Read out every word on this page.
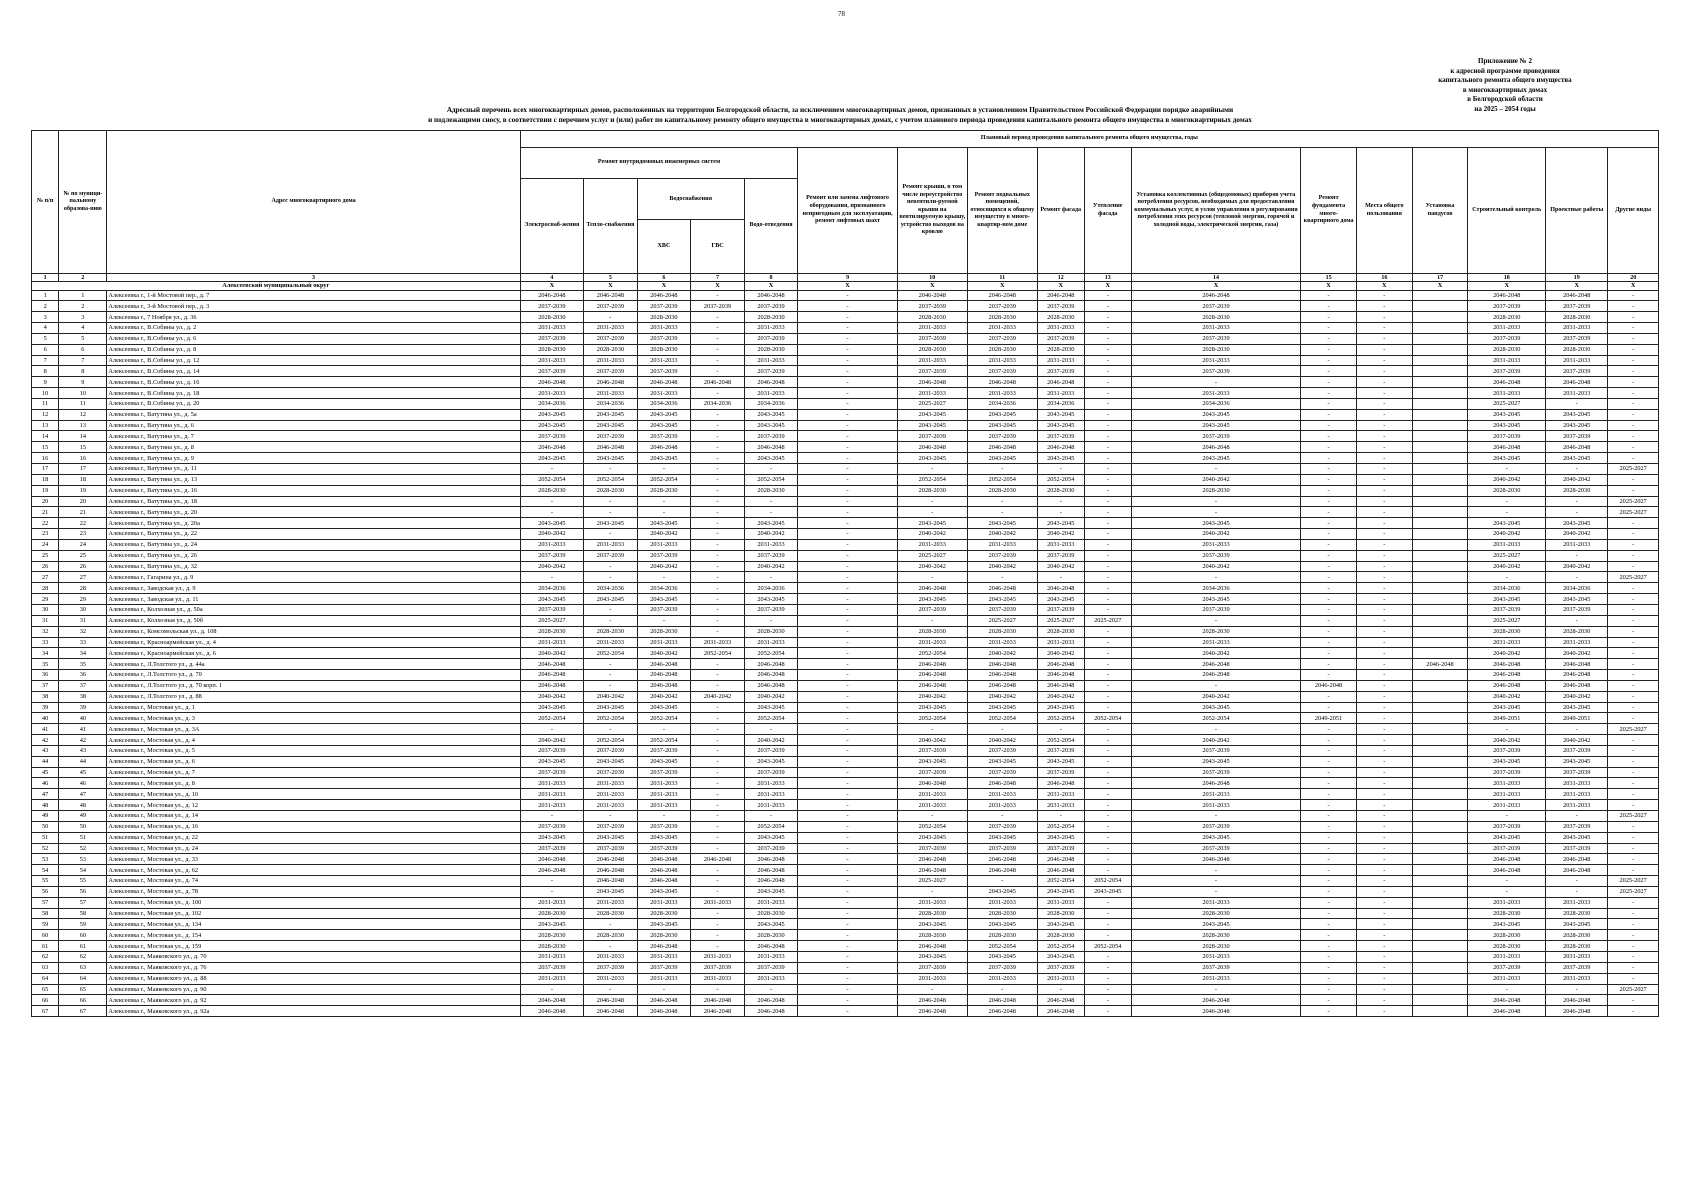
78
Приложение № 2
к адресной программе проведения
капитального ремонта общего имущества
в многоквартирных домах
в Белгородской области
на 2025 – 2054 годы
Адресный перечень всех многоквартирных домов, расположенных на территории Белгородской области, за исключением многоквартирных домов, признанных в установленном Правительством Российской Федерации порядке аварийными
и подлежащими сносу, в соответствии с перечнем услуг и (или) работ по капитальному ремонту общего имущества в многоквартирных домах, с учетом планового периода проведения капитального ремонта общего имущества в многоквартирных домах
№ п/п	№ по муници-пальному образова-нию	Адрес многоквартирного дома	Плановый период проведения капитального ремонта общего имущества, годы																
			Ремонт внутридомовых инженерных систем					Ремонт или замена лифтового оборудования, признанного непригодным для эксплуатации, ремонт лифтовых шахт	Ремонт крыши, в том числе переустройство невентили-руемой крыши на вентилируемую крышу, устройство выходов на кровлю	Ремонт подвальных помещений, относящихся к общему имуществу в много-квартир-ном доме	Ремонт фасада	Утепление фасада	Установка коллективных (общедомовых) приборов учета потребления ресурсов, необходимых для предоставления коммунальных услуг, и узлов управления и регулирования потребления этих ресурсов (тепловой энергии, горячей и холодной воды, электрической энергии, газа)	Ремонт фундамента много-квартирного дома	Места общего пользования	Установка пандусов	Строительный контроль	Проектные работы	Другие виды
			Электроснаб-жения	Тепло-снабжения	Водоснабжения
ХВС ГВС		Водо-отведения												
1	2	3	4	5	6	7	8	9	10	11	12	13	14	15	16	17	18	19	20
Алексеевский муниципальный округ			Х	Х	Х	Х	Х	Х	Х	Х	Х	Х	Х	Х	Х	Х	Х	Х	Х
1	1	Алексеевка г., 1-й Мостовой пер., д. 7	2046-2048	2046-2048	2046-2048	-	2046-2048	-	2046-2048	2046-2048	2046-2048	-	2046-2048	-	-		2046-2048	2046-2048	-
2	2	Алексеевка г., 3-й Мостовой пер., д. 3	2037-2039	2037-2039	2037-2039	2037-2039	2037-2039	-	2037-2039	2037-2039	2037-2039	-	2037-2039	-	-		2037-2039	2037-2039	-
3	3	Алексеевка г., 7 Ноября ул., д. 36	2028-2030	-	2028-2030	-	2028-2030	-	2028-2030	2028-2030	2028-2030	-	2028-2030	-	-		2028-2030	2028-2030	-
4	4	Алексеевка г., В.Собины ул., д. 2	2031-2033	2031-2033	2031-2033	-	2031-2033	-	2031-2033	2031-2033	2031-2033	-	2031-2033	-	-		2031-2033	2031-2033	-
5	5	Алексеевка г., В.Собины ул., д. 6	2037-2039	2037-2039	2037-2039	-	2037-2039	-	2037-2039	2037-2039	2037-2039	-	2037-2039	-	-		2037-2039	2037-2039	-
6	6	Алексеевка г., В.Собины ул., д. 8	2028-2030	2028-2030	2028-2030	-	2028-2030	-	2028-2030	2028-2030	2028-2030	-	2028-2030	-	-		2028-2030	2028-2030	-
7	7	Алексеевка г., В.Собины ул., д. 12	2031-2033	2031-2033	2031-2033	-	2031-2033	-	2031-2033	2031-2033	2031-2033	-	2031-2033	-	-		2031-2033	2031-2033	-
8	8	Алексеевка г., В.Собины ул., д. 14	2037-2039	2037-2039	2037-2039	-	2037-2039	-	2037-2039	2037-2039	2037-2039	-	2037-2039	-	-		2037-2039	2037-2039	-
9	9	Алексеевка г., В.Собины ул., д. 16	2046-2048	2046-2048	2046-2048	2046-2048	2046-2048	-	2046-2048	2046-2048	2046-2048	-	-	-	-		2046-2048	2046-2048	-
10	10	Алексеевка г., В.Собины ул., д. 18	2031-2033	2031-2033	2031-2033	-	2031-2033	-	2031-2033	2031-2033	2031-2033	-	2031-2033	-	-		2031-2033	2031-2033	-
11	11	Алексеевка г., В.Собины ул., д. 20	2034-2036	2034-2036	2034-2036	2034-2036	2034-2036	-	2025-2027	2034-2036	2034-2036	-	2034-2036	-	-		2025-2027	-	-
12	12	Алексеевка г., Ватутина ул., д. 5а	2043-2045	2043-2045	2043-2045	-	2043-2045	-	2043-2045	2043-2045	2043-2045	-	2043-2045	-	-		2043-2045	2043-2045	-
13	13	Алексеевка г., Ватутина ул., д. 6	2043-2045	2043-2045	2043-2045	-	2043-2045	-	2043-2045	2043-2045	2043-2045	-	2043-2045	-	-		2043-2045	2043-2045	-
14	14	Алексеевка г., Ватутина ул., д. 7	2037-2039	2037-2039	2037-2039	-	2037-2039	-	2037-2039	2037-2039	2037-2039	-	2037-2039	-	-		2037-2039	2037-2039	-
15	15	Алексеевка г., Ватутина ул., д. 8	2046-2048	2046-2048	2046-2048	-	2046-2048	-	2046-2048	2046-2048	2046-2048	-	2046-2048	-	-		2046-2048	2046-2048	-
16	16	Алексеевка г., Ватутина ул., д. 9	2043-2045	2043-2045	2043-2045	-	2043-2045	-	2043-2045	2043-2045	2043-2045	-	2043-2045	-	-		2043-2045	2043-2045	-
17	17	Алексеевка г., Ватутина ул., д. 11	-	-	-	-	-	-	-	-	-	-	-	-	-		-	-	2025-2027
18	18	Алексеевка г., Ватутина ул., д. 13	2052-2054	2052-2054	2052-2054	-	2052-2054	-	2052-2054	2052-2054	2052-2054	-	2040-2042	-	-		2040-2042	2040-2042	-
19	19	Алексеевка г., Ватутина ул., д. 16	2028-2030	2028-2030	2028-2030	-	2028-2030	-	2028-2030	2028-2030	2028-2030	-	2028-2030	-	-		2028-2030	2028-2030	-
20	20	Алексеевка г., Ватутина ул., д. 18	-	-	-	-	-	-	-	-	-	-	-	-	-		-	-	2025-2027
21	21	Алексеевка г., Ватутина ул., д. 20	-	-	-	-	-	-	-	-	-	-	-	-	-		-	-	2025-2027
22	22	Алексеевка г., Ватутина ул., д. 20а	2043-2045	2043-2045	2043-2045	-	2043-2045	-	2043-2045	2043-2045	2043-2045	-	2043-2045	-	-		2043-2045	2043-2045	-
23	23	Алексеевка г., Ватутина ул., д. 22	2040-2042	-	2040-2042	-	2040-2042	-	2040-2042	2040-2042	2040-2042	-	2040-2042	-	-		2040-2042	2040-2042	-
24	24	Алексеевка г., Ватутина ул., д. 24	2031-2033	2031-2033	2031-2033	-	2031-2033	-	2031-2033	2031-2033	2031-2033	-	2031-2033	-	-		2031-2033	2031-2033	-
25	25	Алексеевка г., Ватутина ул., д. 26	2037-2039	2037-2039	2037-2039	-	2037-2039	-	2025-2027	2037-2039	2037-2039	-	2037-2039	-	-		2025-2027	-	-
26	26	Алексеевка г., Ватутина ул., д. 32	2040-2042	-	2040-2042	-	2040-2042	-	2040-2042	2040-2042	2040-2042	-	2040-2042	-	-		2040-2042	2040-2042	-
27	27	Алексеевка г., Гагарина ул., д. 9	-	-	-	-	-	-	-	-	-	-	-	-	-		-	-	2025-2027
28	28	Алексеевка г., Заводская ул., д. 9	2034-2036	2034-2036	2034-2036	-	2034-2036	-	2046-2048	2046-2048	2046-2048	-	2034-2036	-	-		2034-2036	2034-2036	-
29	29	Алексеевка г., Заводская ул., д. 11	2043-2045	2043-2045	2043-2045	-	2043-2045	-	2043-2045	2043-2045	2043-2045	-	2043-2045	-	-		2043-2045	2043-2045	-
30	30	Алексеевка г., Колхозная ул., д. 50а	2037-2039	-	2037-2039	-	2037-2039	-	2037-2039	2037-2039	2037-2039	-	2037-2039	-	-		2037-2039	2037-2039	-
31	31	Алексеевка г., Колхозная ул., д. 50б	2025-2027	-	-	-	-	-	-	2025-2027	2025-2027	2025-2027	-	-	-		2025-2027	-	-
32	32	Алексеевка г., Комсомольская ул., д. 108	2028-2030	2028-2030	2028-2030	-	2028-2030	-	2028-2030	2028-2030	2028-2030	-	2028-2030	-	-		2028-2030	2028-2030	-
33	33	Алексеевка г., Красноармейская ул., д. 4	2031-2033	2031-2033	2031-2033	2031-2033	2031-2033	-	2031-2033	2031-2033	2031-2033	-	2031-2033	-	-		2031-2033	2031-2033	-
34	34	Алексеевка г., Красноармейская ул., д. 6	2040-2042	2052-2054	2040-2042	2052-2054	2052-2054	-	2052-2054	2040-2042	2040-2042	-	2040-2042	-	-		2040-2042	2040-2042	-
35	35	Алексеевка г., Л.Толстого ул., д. 44а	2046-2048	-	2046-2048	-	2046-2048	-	2046-2048	2046-2048	2046-2048	-	2046-2048	-	-	2046-2048	2046-2048	2046-2048	-
36	36	Алексеевка г., Л.Толстого ул., д. 70	2046-2048	-	2046-2048	-	2046-2048	-	2046-2048	2046-2048	2046-2048	-	2046-2048	-	-		2046-2048	2046-2048	-
37	37	Алексеевка г., Л.Толстого ул., д. 70 корп. 1	2046-2048	-	2046-2048	-	2046-2048	-	2046-2048	2046-2048	2046-2048	-	-	2046-2048	-		2046-2048	2046-2048	-
38	38	Алексеевка г., Л.Толстого ул., д. 88	2040-2042	2040-2042	2040-2042	2040-2042	2040-2042	-	2040-2042	2040-2042	2040-2042	-	2040-2042	-	-		2040-2042	2040-2042	-
39	39	Алексеевка г., Мостовая ул., д. 1	2043-2045	2043-2045	2043-2045	-	2043-2045	-	2043-2045	2043-2045	2043-2045	-	2043-2045	-	-		2043-2045	2043-2045	-
40	40	Алексеевка г., Мостовая ул., д. 3	2052-2054	2052-2054	2052-2054	-	2052-2054	-	2052-2054	2052-2054	2052-2054	2052-2054	2052-2054	2049-2051	-		2049-2051	2049-2051	-
41	41	Алексеевка г., Мостовая ул., д. 3А	-	-	-	-	-	-	-	-	-	-	-	-	-		-	-	2025-2027
42	42	Алексеевка г., Мостовая ул., д. 4	2040-2042	2052-2054	2052-2054	-	2040-2042	-	2040-2042	2040-2042	2052-2054	-	2040-2042	-	-		2040-2042	2040-2042	-
43	43	Алексеевка г., Мостовая ул., д. 5	2037-2039	2037-2039	2037-2039	-	2037-2039	-	2037-2039	2037-2039	2037-2039	-	2037-2039	-	-		2037-2039	2037-2039	-
44	44	Алексеевка г., Мостовая ул., д. 6	2043-2045	2043-2045	2043-2045	-	2043-2045	-	2043-2045	2043-2045	2043-2045	-	2043-2045	-	-		2043-2045	2043-2045	-
45	45	Алексеевка г., Мостовая ул., д. 7	2037-2039	2037-2039	2037-2039	-	2037-2039	-	2037-2039	2037-2039	2037-2039	-	2037-2039	-	-		2037-2039	2037-2039	-
46	46	Алексеевка г., Мостовая ул., д. 8	2031-2033	2031-2033	2031-2033	-	2031-2033	-	2046-2048	2046-2048	2046-2048	-	2046-2048	-	-		2031-2033	2031-2033	-
47	47	Алексеевка г., Мостовая ул., д. 10	2031-2033	2031-2033	2031-2033	-	2031-2033	-	2031-2033	2031-2033	2031-2033	-	2031-2033	-	-		2031-2033	2031-2033	-
48	48	Алексеевка г., Мостовая ул., д. 12	2031-2033	2031-2033	2031-2033	-	2031-2033	-	2031-2033	2031-2033	2031-2033	-	2031-2033	-	-		2031-2033	2031-2033	-
49	49	Алексеевка г., Мостовая ул., д. 14	-	-	-	-	-	-	-	-	-	-	-	-	-		-	-	2025-2027
50	50	Алексеевка г., Мостовая ул., д. 16	2037-2039	2037-2039	2037-2039	-	2052-2054	-	2052-2054	2037-2039	2052-2054	-	2037-2039	-	-		2037-2039	2037-2039	-
51	51	Алексеевка г., Мостовая ул., д. 22	2043-2045	2043-2045	2043-2045	-	2043-2045	-	2043-2045	2043-2045	2043-2045	-	2043-2045	-	-		2043-2045	2043-2045	-
52	52	Алексеевка г., Мостовая ул., д. 24	2037-2039	2037-2039	2037-2039	-	2037-2039	-	2037-2039	2037-2039	2037-2039	-	2037-2039	-	-		2037-2039	2037-2039	-
53	53	Алексеевка г., Мостовая ул., д. 33	2046-2048	2046-2048	2046-2048	2046-2048	2046-2048	-	2046-2048	2046-2048	2046-2048	-	2046-2048	-	-		2046-2048	2046-2048	-
54	54	Алексеевка г., Мостовая ул., д. 62	2046-2048	2046-2048	2046-2048	-	2046-2048	-	2046-2048	2046-2048	2046-2048	-	-	-	-		2046-2048	2046-2048	-
55	55	Алексеевка г., Мостовая ул., д. 74	-	2046-2048	2046-2048	-	2046-2048	-	2025-2027	-	2052-2054	2052-2054	-	-	-		-	-	2025-2027
56	56	Алексеевка г., Мостовая ул., д. 78	-	2043-2045	2043-2045	-	2043-2045	-	-	2043-2045	2043-2045	2043-2045	-	-	-		-	-	2025-2027
57	57	Алексеевка г., Мостовая ул., д. 100	2031-2033	2031-2033	2031-2033	2031-2033	2031-2033	-	2031-2033	2031-2033	2031-2033	-	2031-2033	-	-		2031-2033	2031-2033	-
58	58	Алексеевка г., Мостовая ул., д. 102	2028-2030	2028-2030	2028-2030	-	2028-2030	-	2028-2030	2028-2030	2028-2030	-	2028-2030	-	-		2028-2030	2028-2030	-
59	59	Алексеевка г., Мостовая ул., д. 134	2043-2045	-	2043-2045	-	2043-2045	-	2043-2045	2043-2045	2043-2045	-	2043-2045	-	-		2043-2045	2043-2045	-
60	60	Алексеевка г., Мостовая ул., д. 154	2028-2030	2028-2030	2028-2030	-	2028-2030	-	2028-2030	2028-2030	2028-2030	-	2028-2030	-	-		2028-2030	2028-2030	-
61	61	Алексеевка г., Мостовая ул., д. 159	2028-2030	-	2046-2048	-	2046-2048	-	2046-2048	2052-2054	2052-2054	2052-2054	2028-2030	-	-		2028-2030	2028-2030	-
62	62	Алексеевка г., Маяковского ул., д. 70	2031-2033	2031-2033	2031-2033	2031-2033	2031-2033	-	2043-2045	2043-2045	2043-2045	-	2031-2033	-	-		2031-2033	2031-2033	-
63	63	Алексеевка г., Маяковского ул., д. 76	2037-2039	2037-2039	2037-2039	2037-2039	2037-2039	-	2037-2039	2037-2039	2037-2039	-	2037-2039	-	-		2037-2039	2037-2039	-
64	64	Алексеевка г., Маяковского ул., д. 88	2031-2033	2031-2033	2031-2033	2031-2033	2031-2033	-	2031-2033	2031-2033	2031-2033	-	2031-2033	-	-		2031-2033	2031-2033	-
65	65	Алексеевка г., Маяковского ул., д. 90	-	-	-	-	-	-	-	-	-	-	-	-	-		-	-	2025-2027
66	66	Алексеевка г., Маяковского ул., д. 92	2046-2048	2046-2048	2046-2048	2046-2048	2046-2048	-	2046-2048	2046-2048	2046-2048	-	2046-2048	-	-		2046-2048	2046-2048	-
67	67	Алексеевка г., Маяковского ул., д. 92а	2046-2048	2046-2048	2046-2048	2046-2048	2046-2048	-	2046-2048	2046-2048	2046-2048	-	2046-2048	-	-		2046-2048	2046-2048	-
